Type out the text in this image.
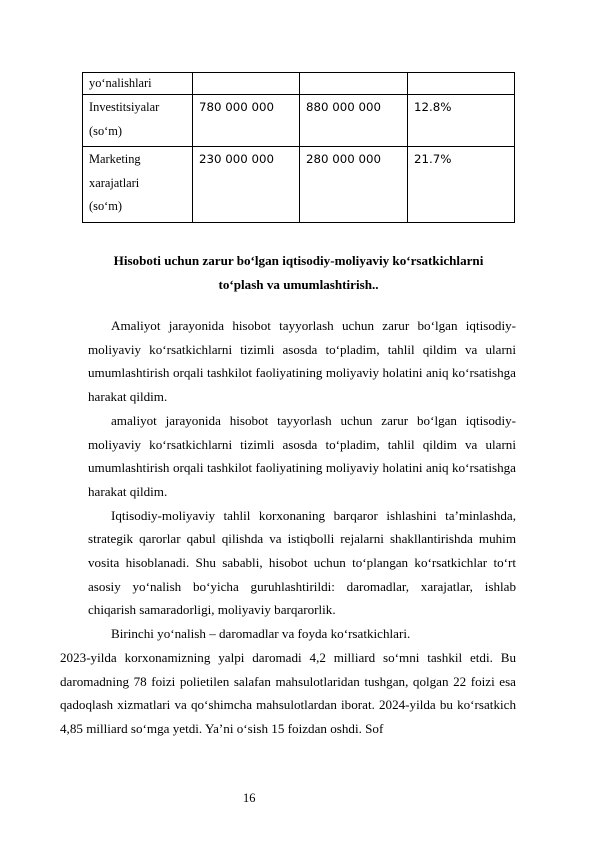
yo‘nalishlari			
Investitsiyalar
(so‘m)	780 000 000	880 000 000	12.8%
Marketing
xarajatlari
(so‘m)	230 000 000	280 000 000	21.7%
Hisoboti uchun zarur bo‘lgan iqtisodiy-moliyaviy ko‘rsatkichlarni
to‘plash va umumlashtirish..

Amaliyot jarayonida hisobot tayyorlash uchun zarur bo‘lgan iqtisodiy-moliyaviy ko‘rsatkichlarni tizimli asosda to‘pladim, tahlil qildim va ularni umumlashtirish orqali tashkilot faoliyatining moliyaviy holatini aniq ko‘rsatishga harakat qildim.

amaliyot jarayonida hisobot tayyorlash uchun zarur bo‘lgan iqtisodiy-moliyaviy ko‘rsatkichlarni tizimli asosda to‘pladim, tahlil qildim va ularni umumlashtirish orqali tashkilot faoliyatining moliyaviy holatini aniq ko‘rsatishga harakat qildim.

Iqtisodiy-moliyaviy tahlil korxonaning barqaror ishlashini ta’minlashda, strategik qarorlar qabul qilishda va istiqbolli rejalarni shakllantirishda muhim vosita hisoblanadi. Shu sababli, hisobot uchun to‘plangan ko‘rsatkichlar to‘rt asosiy yo‘nalish bo‘yicha guruhlashtirildi: daromadlar, xarajatlar, ishlab chiqarish samaradorligi, moliyaviy barqarorlik.

Birinchi yo‘nalish – daromadlar va foyda ko‘rsatkichlari.

2023-yilda korxonamizning yalpi daromadi 4,2 milliard so‘mni tashkil etdi. Bu daromadning 78 foizi polietilen salafan mahsulotlaridan tushgan, qolgan 22 foizi esa qadoqlash xizmatlari va qo‘shimcha mahsulotlardan iborat. 2024-yilda bu ko‘rsatkich 4,85 milliard so‘mga yetdi. Ya’ni o‘sish 15 foizdan oshdi. Sof

16
